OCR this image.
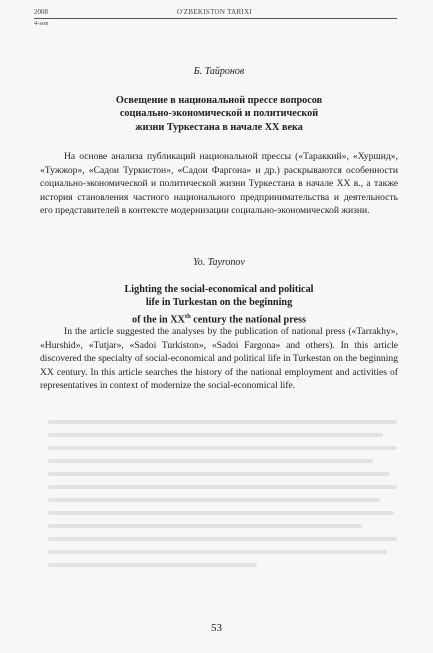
2008	O'ZBEKISTON TARIXI
4-son
Б. Тайронов
Освещение в национальной прессе вопросов
социально-экономической и политической
жизни Туркестана в начале XX века
На основе анализа публикаций национальной прессы («Тараккий», «Хуршид», «Тужжор», «Садои Туркистон», «Садои Фаргона» и др.) раскрываются особенности социально-экономической и политической жизни Туркестана в начале XX в., а также история становления частного национального предпринимательства и деятельность его представителей в контексте модернизации социально-экономической жизни.
Yo. Tayronov
Lighting the social-economical and political
life in Turkestan on the beginning
of the in XXth century the national press
In the article suggested the analyses by the publication of national press («Tarrakhy», «Hurshid», «Tutjar», «Sadoi Turkiston», «Sadoi Fargona» and others). In this article discovered the specialty of social-economical and political life in Turkestan on the beginning XX century. In this article searches the history of the national employment and activities of representatives in context of modernize the social-economical life.
53
